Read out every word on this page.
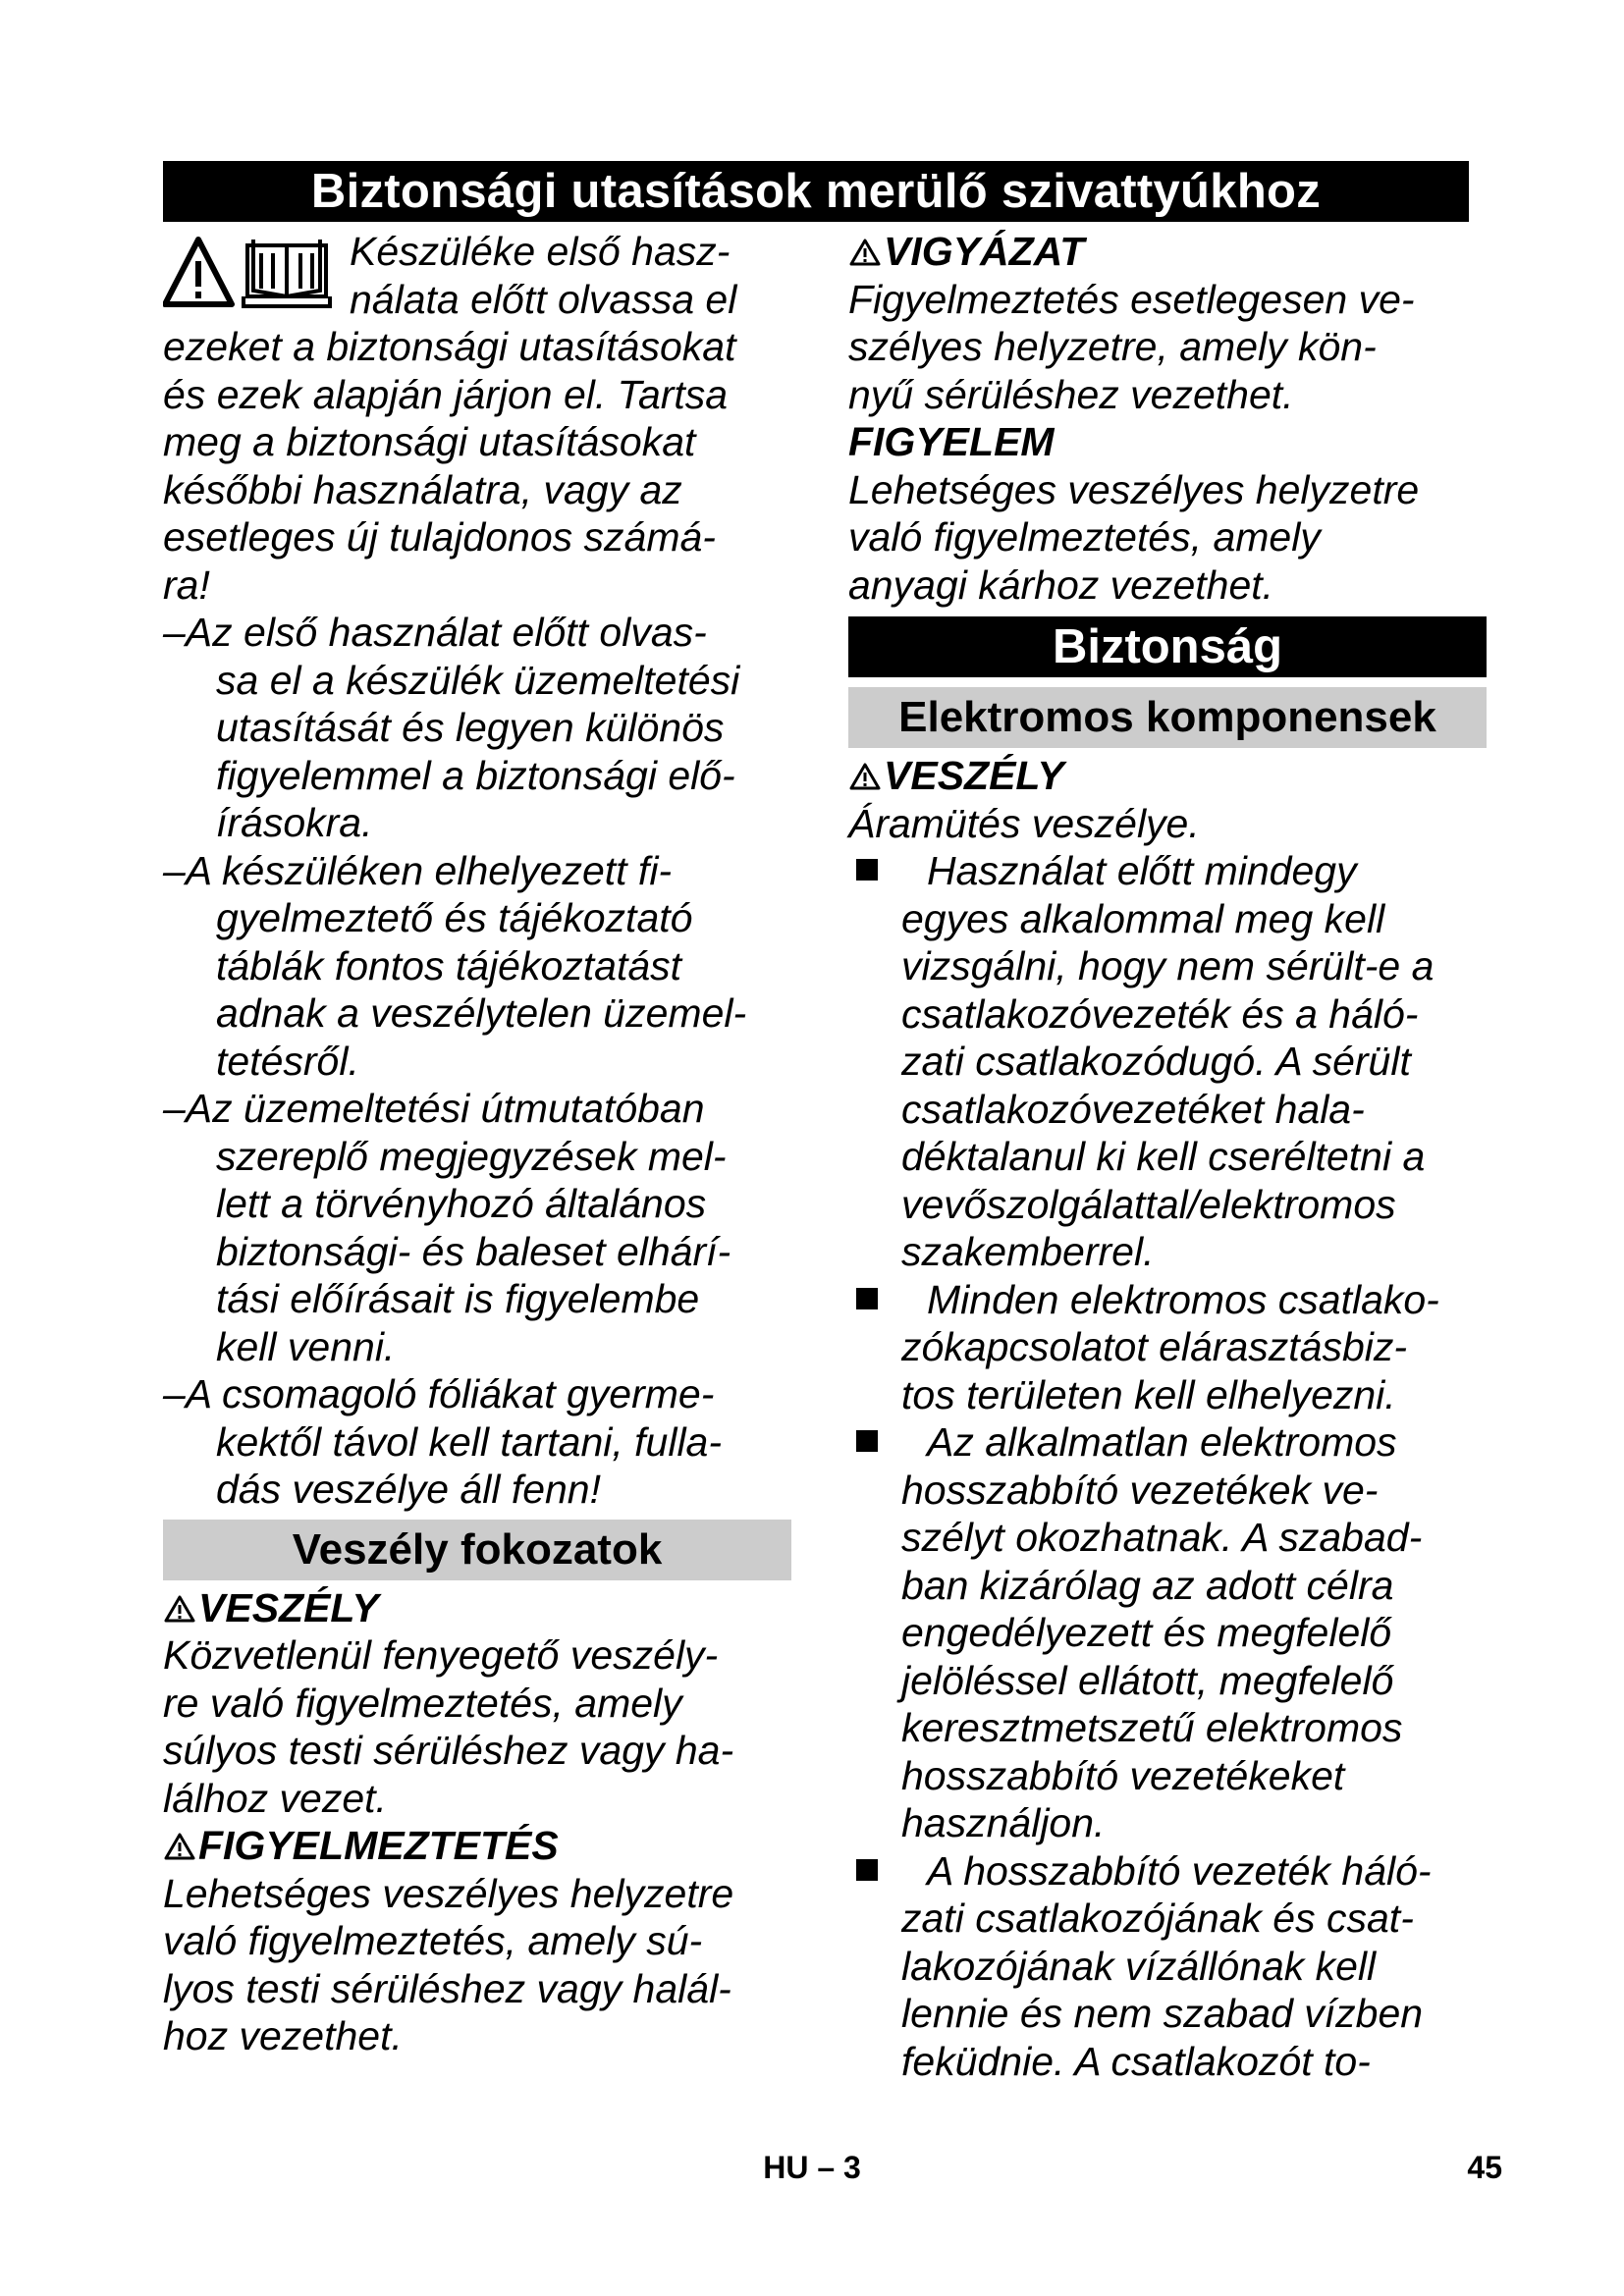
Biztonsági utasítások merülő szivattyúkhoz

Készüléke első hasz-

nálata előtt olvassa el

ezeket a biztonsági utasításokat

és ezek alapján járjon el. Tartsa

meg a biztonsági utasításokat

későbbi használatra, vagy az

esetleges új tulajdonos számá-

ra!

–Az első használat előtt olvas-

sa el a készülék üzemeltetési

utasítását és legyen különös

figyelemmel a biztonsági elő-

írásokra.

–A készüléken elhelyezett fi-

gyelmeztető és tájékoztató

táblák fontos tájékoztatást

adnak a veszélytelen üzemel-

tetésről.

–Az üzemeltetési útmutatóban

szereplő megjegyzések mel-

lett a törvényhozó általános

biztonsági- és baleset elhárí-

tási előírásait is figyelembe

kell venni.

–A csomagoló fóliákat gyerme-

kektől távol kell tartani, fulla-

dás veszélye áll fenn!

Veszély fokozatok

VESZÉLY

Közvetlenül fenyegető veszély-

re való figyelmeztetés, amely

súlyos testi sérüléshez vagy ha-

lálhoz vezet.

FIGYELMEZTETÉS

Lehetséges veszélyes helyzetre

való figyelmeztetés, amely sú-

lyos testi sérüléshez vagy halál-

hoz vezethet.

VIGYÁZAT

Figyelmeztetés esetlegesen ve-

szélyes helyzetre, amely kön-

nyű sérüléshez vezethet.

FIGYELEM

Lehetséges veszélyes helyzetre

való figyelmeztetés, amely

anyagi kárhoz vezethet.

Biztonság
Elektromos komponensek

VESZÉLY

Áramütés veszélye.

Használat előtt mindegy

egyes alkalommal meg kell

vizsgálni, hogy nem sérült-e a

csatlakozóvezeték és a háló-

zati csatlakozódugó. A sérült

csatlakozóvezetéket hala-

déktalanul ki kell cseréltetni a

vevőszolgálattal/elektromos

szakemberrel.

Minden elektromos csatlako-

zókapcsolatot elárasztásbiz-

tos területen kell elhelyezni.

Az alkalmatlan elektromos

hosszabbító vezetékek ve-

szélyt okozhatnak. A szabad-

ban kizárólag az adott célra

engedélyezett és megfelelő

jelöléssel ellátott, megfelelő

keresztmetszetű elektromos

hosszabbító vezetékeket

használjon.

A hosszabbító vezeték háló-

zati csatlakozójának és csat-

lakozójának vízállónak kell

lennie és nem szabad vízben

feküdnie. A csatlakozót to-

HU – 3	45
